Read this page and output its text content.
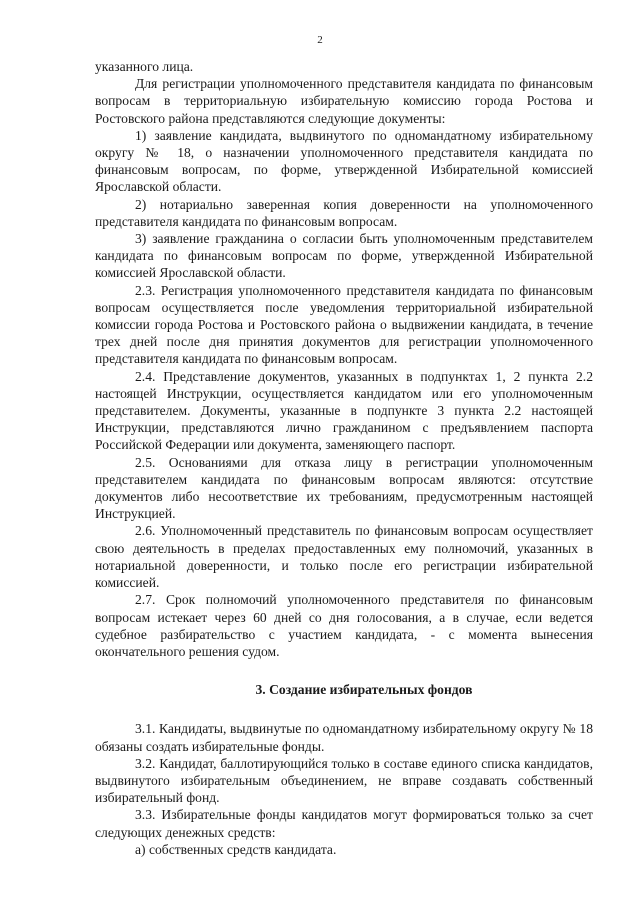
2

указанного лица.

Для регистрации уполномоченного представителя кандидата по финансовым вопросам в территориальную избирательную комиссию города Ростова и Ростовского района представляются следующие документы:

1) заявление кандидата, выдвинутого по одномандатному избирательному округу № 18, о назначении уполномоченного представителя кандидата по финансовым вопросам, по форме, утвержденной Избирательной комиссией Ярославской области.

2) нотариально заверенная копия доверенности на уполномоченного представителя кандидата по финансовым вопросам.

3) заявление гражданина о согласии быть уполномоченным представителем кандидата по финансовым вопросам по форме, утвержденной Избирательной комиссией Ярославской области.

2.3. Регистрация уполномоченного представителя кандидата по финансовым вопросам осуществляется после уведомления территориальной избирательной комиссии города Ростова и Ростовского района о выдвижении кандидата, в течение трех дней после дня принятия документов для регистрации уполномоченного представителя кандидата по финансовым вопросам.

2.4. Представление документов, указанных в подпунктах 1, 2 пункта 2.2 настоящей Инструкции, осуществляется кандидатом или его уполномоченным представителем. Документы, указанные в подпункте 3 пункта 2.2 настоящей Инструкции, представляются лично гражданином с предъявлением паспорта Российской Федерации или документа, заменяющего паспорт.

2.5. Основаниями для отказа лицу в регистрации уполномоченным представителем кандидата по финансовым вопросам являются: отсутствие документов либо несоответствие их требованиям, предусмотренным настоящей Инструкцией.

2.6. Уполномоченный представитель по финансовым вопросам осуществляет свою деятельность в пределах предоставленных ему полномочий, указанных в нотариальной доверенности, и только после его регистрации избирательной комиссией.

2.7. Срок полномочий уполномоченного представителя по финансовым вопросам истекает через 60 дней со дня голосования, а в случае, если ведется судебное разбирательство с участием кандидата, - с момента вынесения окончательного решения судом.

3. Создание избирательных фондов

3.1. Кандидаты, выдвинутые по одномандатному избирательному округу № 18 обязаны создать избирательные фонды.

3.2. Кандидат, баллотирующийся только в составе единого списка кандидатов, выдвинутого избирательным объединением, не вправе создавать собственный избирательный фонд.

3.3. Избирательные фонды кандидатов могут формироваться только за счет следующих денежных средств:

а) собственных средств кандидата.
